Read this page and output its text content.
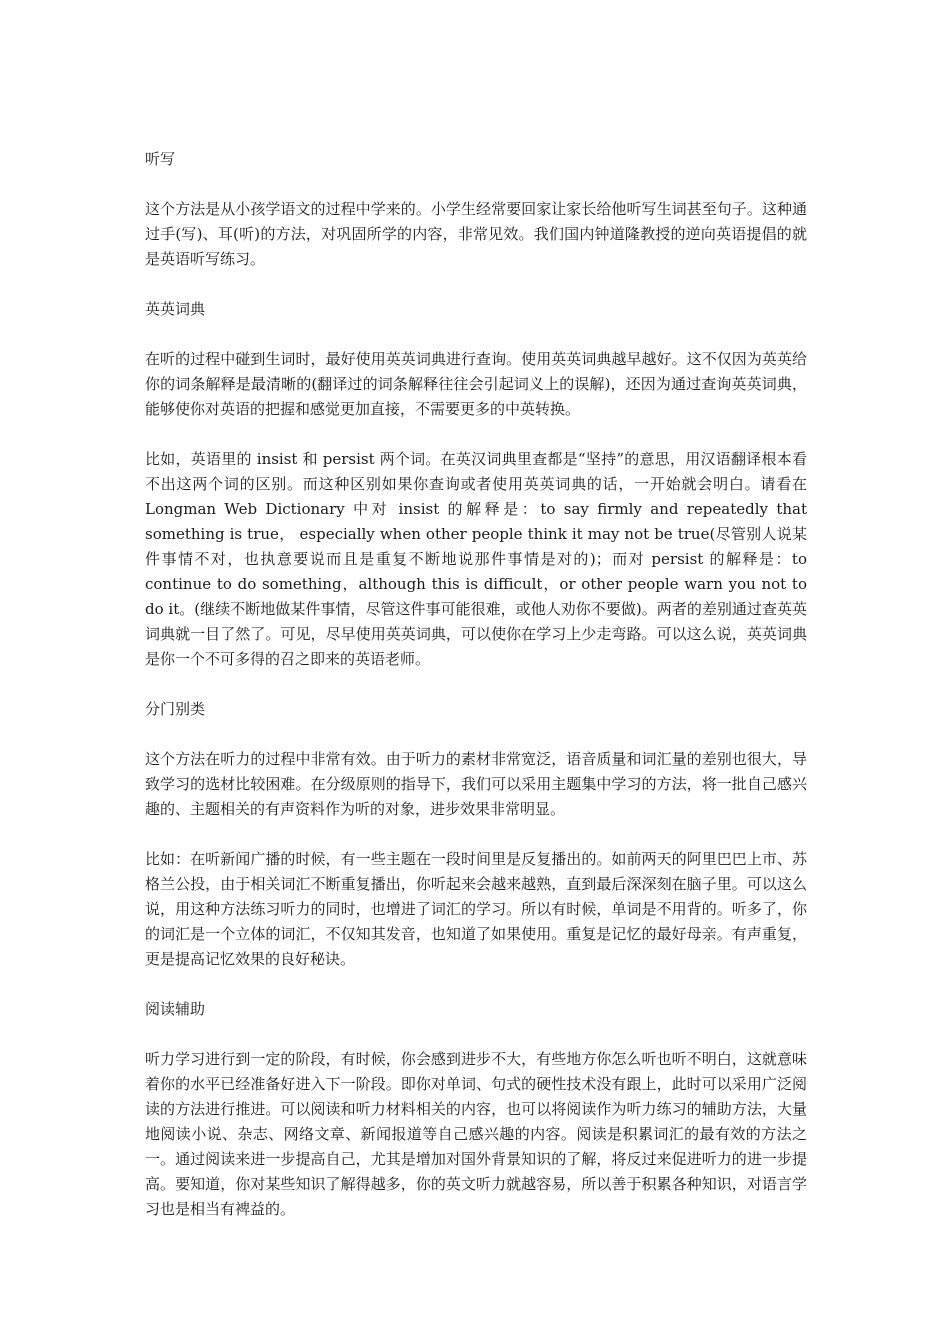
听写

这个方法是从小孩学语文的过程中学来的。小学生经常要回家让家长给他听写生词甚至句子。这种通过手(写)、耳(听)的方法，对巩固所学的内容，非常见效。我们国内钟道隆教授的逆向英语提倡的就是英语听写练习。

英英词典

在听的过程中碰到生词时，最好使用英英词典进行查询。使用英英词典越早越好。这不仅因为英英给你的词条解释是最清晰的(翻译过的词条解释往往会引起词义上的误解)，还因为通过查询英英词典，能够使你对英语的把握和感觉更加直接，不需要更多的中英转换。

比如，英语里的 insist 和 persist 两个词。在英汉词典里查都是“坚持”的意思，用汉语翻译根本看不出这两个词的区别。而这种区别如果你查询或者使用英英词典的话，一开始就会明白。请看在 Longman Web Dictionary 中对 insist 的解释是：to say firmly and repeatedly that something is true， especially when other people think it may not be true(尽管别人说某件事情不对，也执意要说而且是重复不断地说那件事情是对的)；而对 persist 的解释是：to continue to do something，although this is difficult，or other people warn you not to do it。(继续不断地做某件事情，尽管这件事可能很难，或他人劝你不要做)。两者的差别通过查英英词典就一目了然了。可见，尽早使用英英词典，可以使你在学习上少走弯路。可以这么说，英英词典是你一个不可多得的召之即来的英语老师。

分门别类

这个方法在听力的过程中非常有效。由于听力的素材非常宽泛，语音质量和词汇量的差别也很大，导致学习的选材比较困难。在分级原则的指导下，我们可以采用主题集中学习的方法，将一批自己感兴趣的、主题相关的有声资料作为听的对象，进步效果非常明显。

比如：在听新闻广播的时候，有一些主题在一段时间里是反复播出的。如前两天的阿里巴巴上市、苏格兰公投，由于相关词汇不断重复播出，你听起来会越来越熟，直到最后深深刻在脑子里。可以这么说，用这种方法练习听力的同时，也增进了词汇的学习。所以有时候，单词是不用背的。听多了，你的词汇是一个立体的词汇，不仅知其发音，也知道了如果使用。重复是记忆的最好母亲。有声重复，更是提高记忆效果的良好秘诀。

阅读辅助

听力学习进行到一定的阶段，有时候，你会感到进步不大，有些地方你怎么听也听不明白，这就意味着你的水平已经准备好进入下一阶段。即你对单词、句式的硬性技术没有跟上，此时可以采用广泛阅读的方法进行推进。可以阅读和听力材料相关的内容，也可以将阅读作为听力练习的辅助方法，大量地阅读小说、杂志、网络文章、新闻报道等自己感兴趣的内容。阅读是积累词汇的最有效的方法之一。通过阅读来进一步提高自己，尤其是增加对国外背景知识的了解，将反过来促进听力的进一步提高。要知道，你对某些知识了解得越多，你的英文听力就越容易，所以善于积累各种知识，对语言学习也是相当有裨益的。
